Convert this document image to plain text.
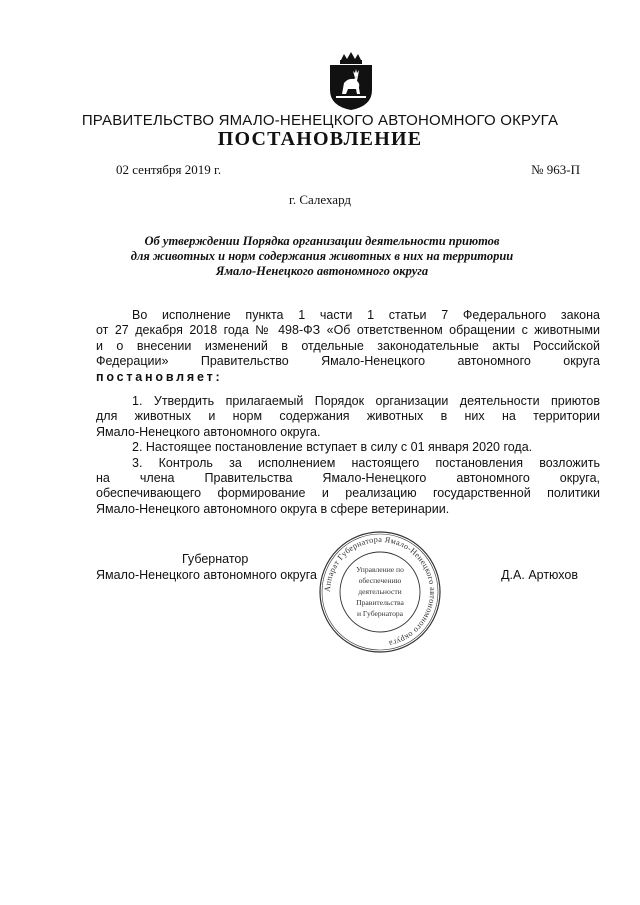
ПРАВИТЕЛЬСТВО ЯМАЛО-НЕНЕЦКОГО АВТОНОМНОГО ОКРУГА
ПОСТАНОВЛЕНИЕ
02 сентября 2019 г.	№ 963-П
г. Салехард
Об утверждении Порядка организации деятельности приютов
для животных и норм содержания животных в них на территории
Ямало-Ненецкого автономного округа
Во исполнение пункта 1 части 1 статьи 7 Федерального закона
от 27 декабря 2018 года № 498-ФЗ «Об ответственном обращении с животными
и о внесении изменений в отдельные законодательные акты Российской
Федерации» Правительство Ямало-Ненецкого автономного округа
постановляет:
1. Утвердить прилагаемый Порядок организации деятельности приютов
для животных и норм содержания животных в них на территории
Ямало-Ненецкого автономного округа.
2. Настоящее постановление вступает в силу с 01 января 2020 года.
3. Контроль за исполнением настоящего постановления возложить
на члена Правительства Ямало-Ненецкого автономного округа,
обеспечивающего формирование и реализацию государственной политики
Ямало-Ненецкого автономного округа в сфере ветеринарии.
Губернатор
Ямало-Ненецкого автономного округа	Д.А. Артюхов
Аппарат Губернатора Ямало-Ненецкого автономного округа
Управление по
обеспечению
деятельности
Правительства
и Губернатора
